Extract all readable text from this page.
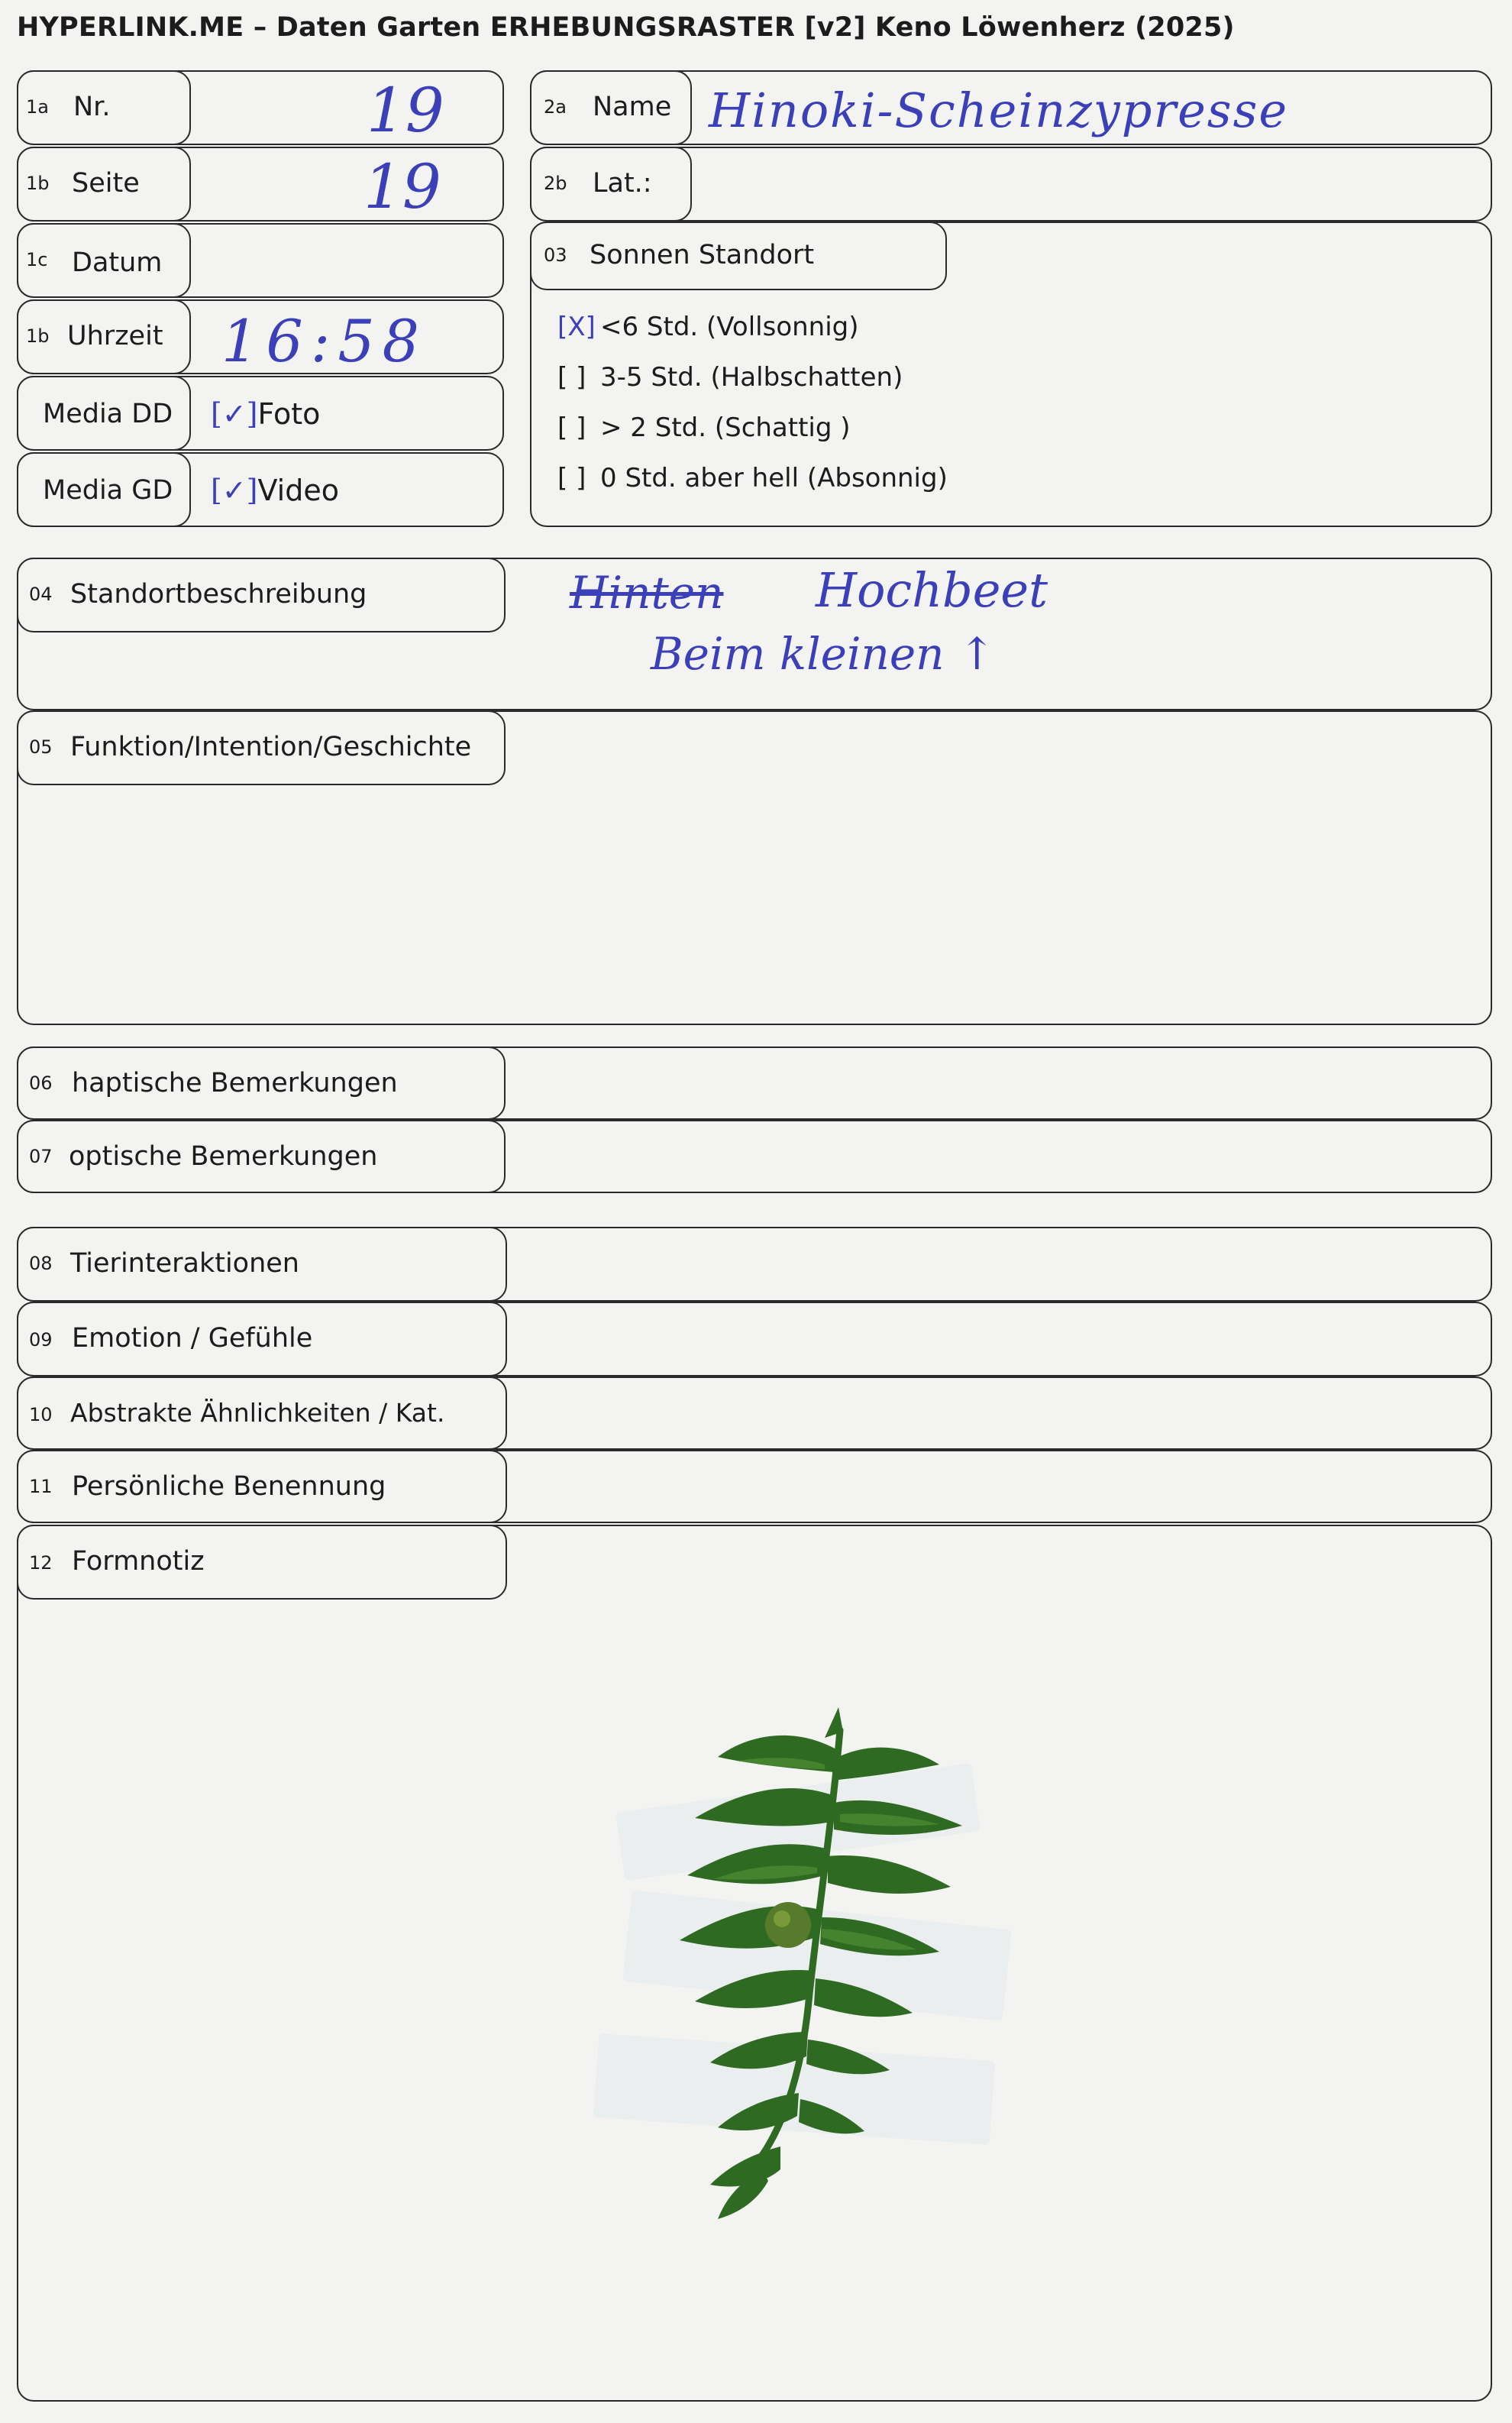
HYPERLINK.ME – Daten Garten ERHEBUNGSRASTER [v2] Keno Löwenherz (2025)
1a Nr.	19
1b Seite	19
1c Datum
1b Uhrzeit 16:58
Media DD [✓]Foto
Media GD [✓]Video
2a Name Hinoki-Scheinzypresse
2b Lat.:
03 Sonnen Standort
[X] <6 Std. (Vollsonnig)
[ ] 3-5 Std. (Halbschatten)
[ ] > 2 Std. (Schattig )
[ ] 0 Std. aber hell (Absonnig)
04 Standortbeschreibung	Hinten Hochbeet
Beim kleinen ↑
05 Funktion/Intention/Geschichte
06 haptische Bemerkungen
07 optische Bemerkungen
08 Tierinteraktionen
09 Emotion / Gefühle
10 Abstrakte Ähnlichkeiten / Kat.
11 Persönliche Benennung
12 Formnotiz
